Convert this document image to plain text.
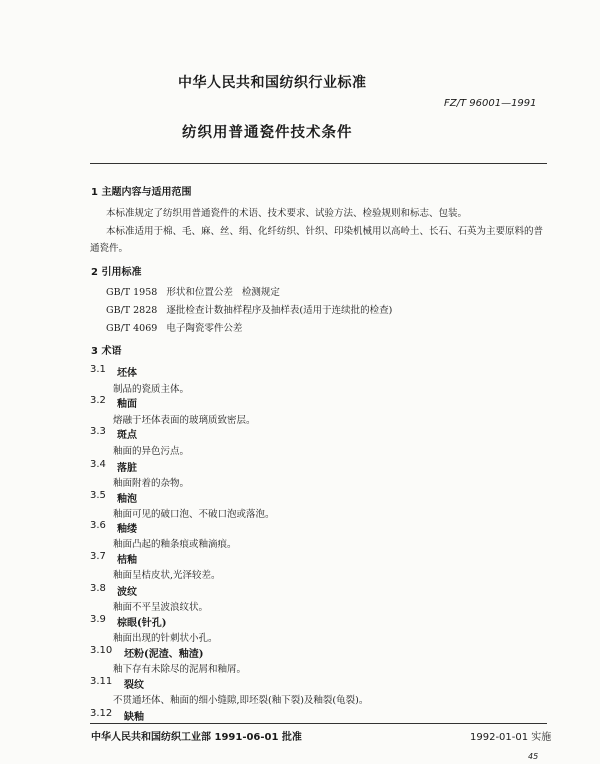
中华人民共和国纺织行业标准
FZ/T 96001—1991
纺织用普通瓷件技术条件
1 主题内容与适用范围
本标准规定了纺织用普通瓷件的术语、技术要求、试验方法、检验规则和标志、包装。
本标准适用于棉、毛、麻、丝、绢、化纤纺织、针织、印染机械用以高岭土、长石、石英为主要原料的普
通瓷件。
2 引用标准
GB/T 1958   形状和位置公差   检测规定
GB/T 2828   逐批检查计数抽样程序及抽样表(适用于连续批的检查)
GB/T 4069   电子陶瓷零件公差
3 术语
3.1 坯体
制品的瓷质主体。
3.2 釉面
熔融于坯体表面的玻璃质致密层。
3.3 斑点
釉面的异色污点。
3.4 落脏
釉面附着的杂物。
3.5 釉泡
釉面可见的破口泡、不破口泡或落泡。
3.6 釉缕
釉面凸起的釉条痕或釉滴痕。
3.7 桔釉
釉面呈桔皮状,光泽较差。
3.8 波纹
釉面不平呈波浪纹状。
3.9 棕眼(针孔)
釉面出现的针刺状小孔。
3.10 坯粉(泥渣、釉渣)
釉下存有未除尽的泥屑和釉屑。
3.11 裂纹
不贯通坯体、釉面的细小缝隙,即坯裂(釉下裂)及釉裂(龟裂)。
3.12 缺釉
中华人民共和国纺织工业部 1991-06-01 批准	1992-01-01 实施
45
